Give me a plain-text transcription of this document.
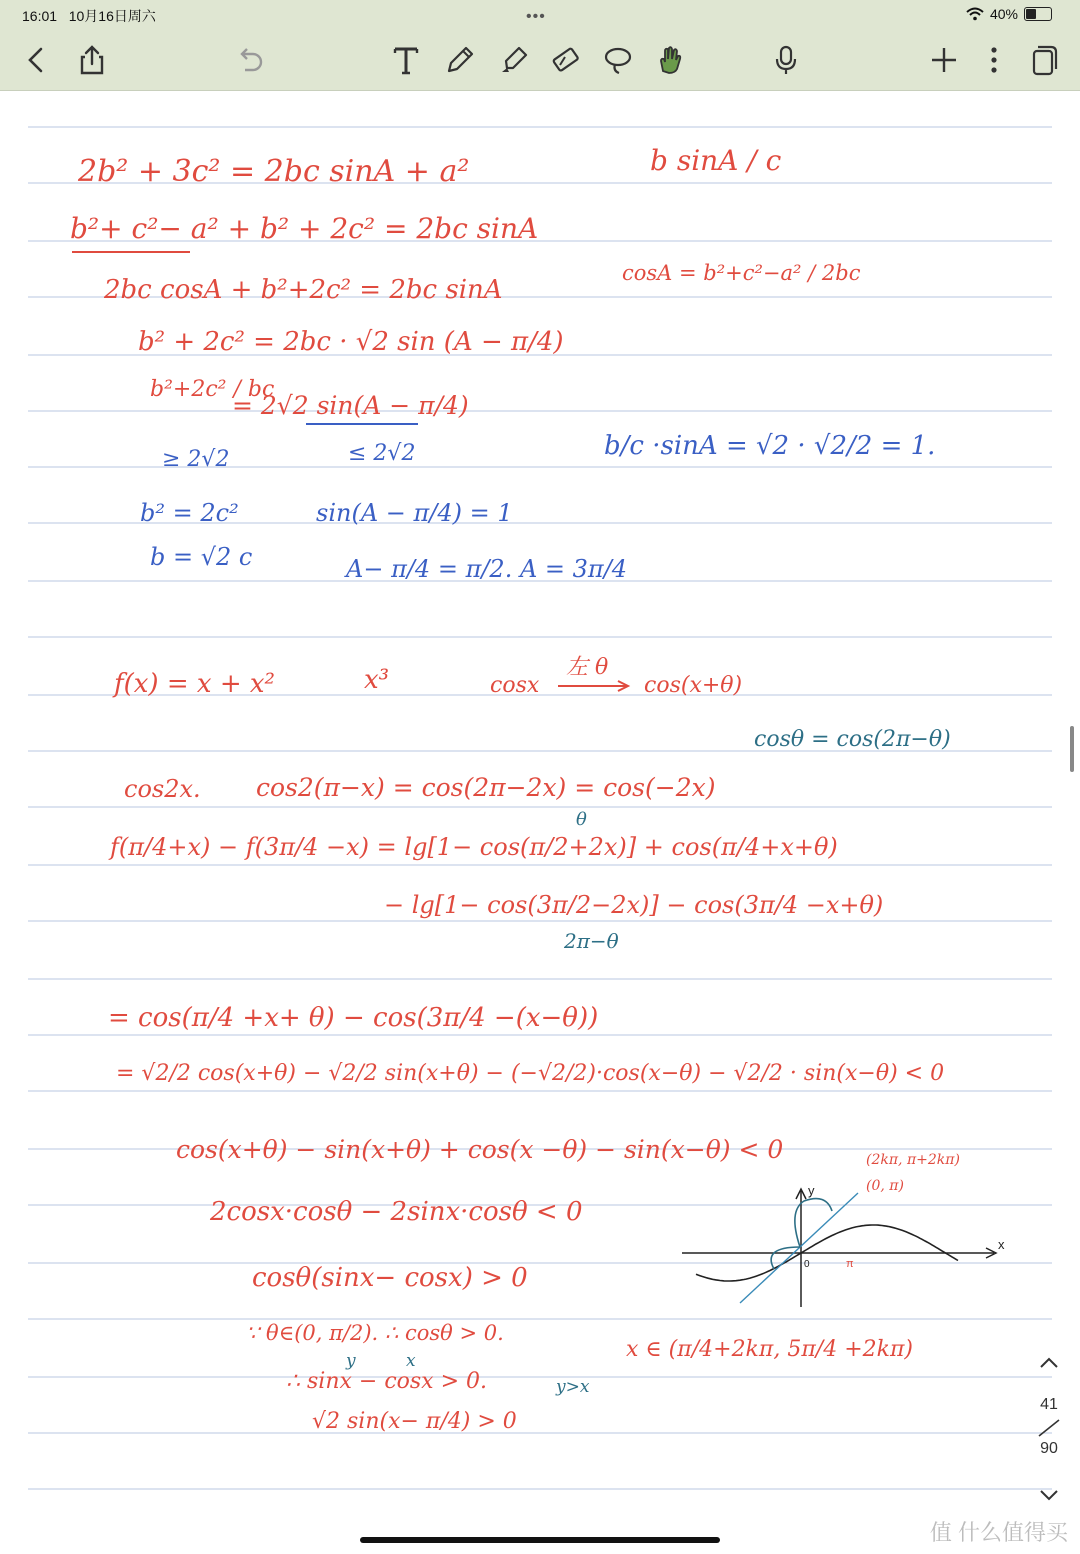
16:01 10月16日周六	•••	40%
2b² + 3c² = 2bc sinA + a²
b²+ c²− a² + b² + 2c² = 2bc sinA
2bc cosA + b²+2c² = 2bc sinA
b² + 2c² = 2bc · √2 sin (A − π/4)
b²+2c² / bc
= 2√2 sin(A − π/4)
≥ 2√2	≤ 2√2
b² = 2c²
b = √2 c
sin(A − π/4) = 1
A− π/4 = π/2. A = 3π/4
b sinA / c
cosA = b²+c²−a² / 2bc
b/c ·sinA = √2 · √2/2 = 1.
f(x) = x + x²	x³	cosx
左 θ
cos(x+θ)
cosθ = cos(2π−θ)
cos2x. cos2(π−x) = cos(2π−2x) = cos(−2x)
θ
f(π/4+x) − f(3π/4 −x) = lg[1− cos(π/2+2x)] + cos(π/4+x+θ)
− lg[1− cos(3π/2−2x)] − cos(3π/4 −x+θ)
2π−θ
= cos(π/4 +x+ θ) − cos(3π/4 −(x−θ))
= √2/2 cos(x+θ) − √2/2 sin(x+θ) − (−√2/2)·cos(x−θ) − √2/2 · sin(x−θ) < 0
cos(x+θ) − sin(x+θ) + cos(x −θ) − sin(x−θ) < 0
2cosx·cosθ − 2sinx·cosθ < 0
cosθ(sinx− cosx) > 0
∵ θ∈(0, π/2). ∴ cosθ > 0.
y	x
∴ sinx − cosx > 0.	y>x
√2 sin(x− π/4) > 0
x ∈ (π/4+2kπ, 5π/4 +2kπ)
(2kπ, π+2kπ)
(0, π)
x
y
0	π
41
90
值 什么值得买
